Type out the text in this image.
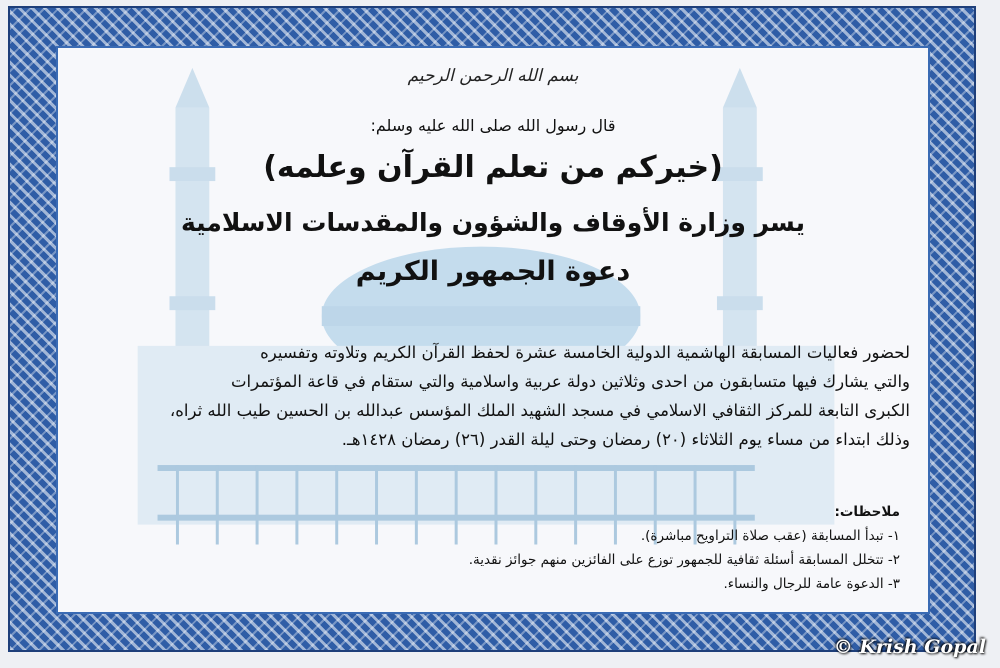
بسم الله الرحمن الرحيم
قال رسول الله صلى الله عليه وسلم:
(خيركم من تعلم القرآن وعلمه)
يسر وزارة الأوقاف والشؤون والمقدسات الاسلامية
دعوة الجمهور الكريم
لحضور فعاليات المسابقة الهاشمية الدولية الخامسة عشرة لحفظ القرآن الكريم وتلاوته وتفسيره
والتي يشارك فيها متسابقون من احدى وثلاثين دولة عربية واسلامية والتي ستقام في قاعة المؤتمرات
الكبرى التابعة للمركز الثقافي الاسلامي في مسجد الشهيد الملك المؤسس عبدالله بن الحسين طيب الله ثراه،
وذلك ابتداء من مساء يوم الثلاثاء (٢٠) رمضان وحتى ليلة القدر (٢٦) رمضان ١٤٢٨هـ.
ملاحظات:
١- تبدأ المسابقة (عقب صلاة التراويح مباشرة).
٢- تتخلل المسابقة أسئلة ثقافية للجمهور توزع على الفائزين منهم جوائز نقدية.
٣- الدعوة عامة للرجال والنساء.
© Krish Gopal
